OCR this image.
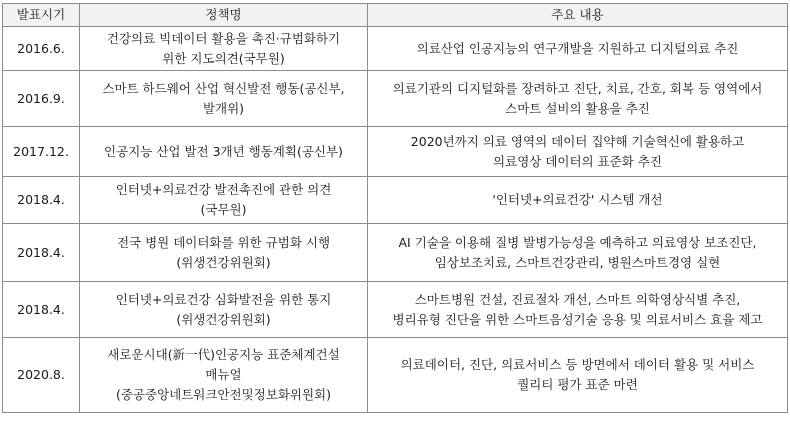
발표시기	정책명	주요 내용
2016.6.	건강의료 빅데이터 활용을 촉진·규범화하기
위한 지도의견(국무원)	의료산업 인공지능의 연구개발을 지원하고 디지털의료 추진

2016.9.	스마트 하드웨어 산업 혁신발전 행동(공신부,
발개위)	의료기관의 디지털화를 장려하고 진단, 치료, 간호, 회복 등 영역에서
스마트 설비의 활용을 추진

2017.12.	인공지능 산업 발전 3개년 행동계획(공신부)	2020년까지 의료 영역의 데이터 집약해 기술혁신에 활용하고
의료영상 데이터의 표준화 추진

2018.4.	인터넷+의료건강 발전촉진에 관한 의견
(국무원)	'인터넷+의료건강' 시스템 개선

2018.4.	전국 병원 데이터화를 위한 규범화 시행
(위생건강위원회)	AI 기술을 이용해 질병 발병가능성을 예측하고 의료영상 보조진단,
임상보조치료, 스마트건강관리, 병원스마트경영 실현

2018.4.	인터넷+의료건강 심화발전을 위한 통지
(위생건강위원회)	스마트병원 건설, 진료절차 개선, 스마트 의학영상식별 추진,
병리유형 진단을 위한 스마트음성기술 응용 및 의료서비스 효율 제고

2020.8.	새로운시대(新一代)인공지능 표준체계건설
매뉴얼
(중공중앙네트워크안전및정보화위원회)	의료데이터, 진단, 의료서비스 등 방면에서 데이터 활용 및 서비스
퀄리티 평가 표준 마련
